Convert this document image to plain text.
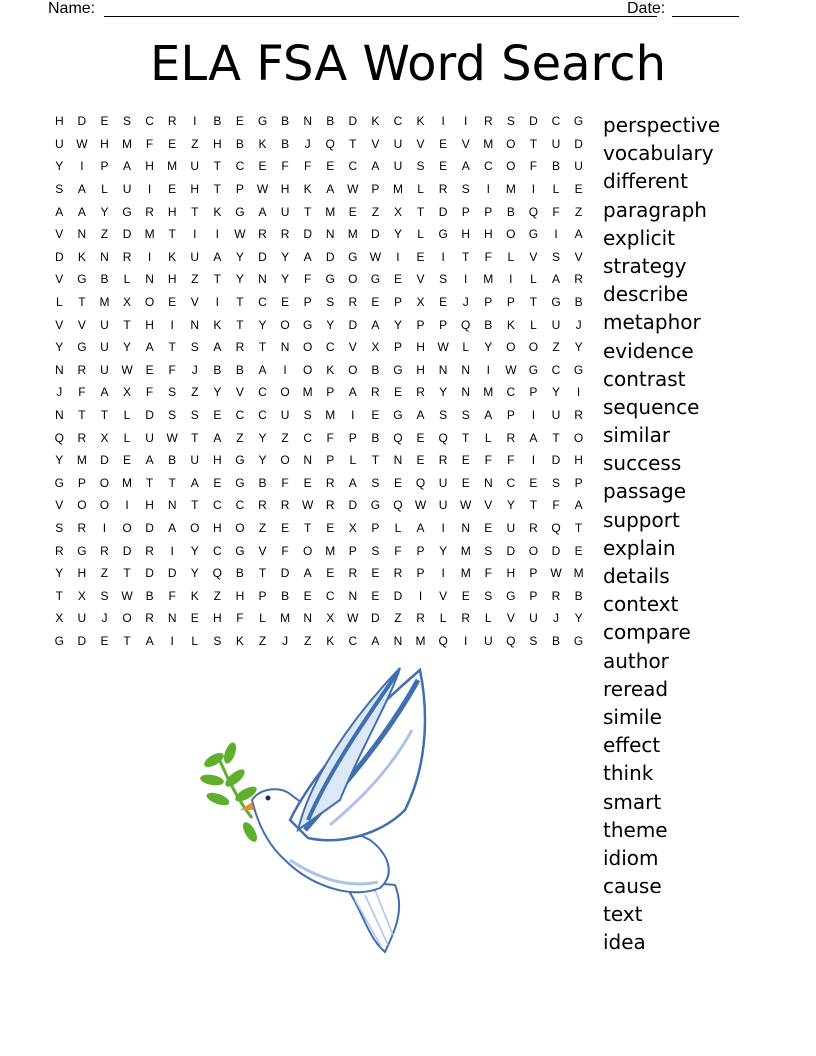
Name:	Date:
ELA FSA Word Search
H	D	E	S	C	R	I	B	E	G	B	N	B	D	K	C	K	I	I	R	S	D	C	G
U	W	H	M	F	E	Z	H	B	K	B	J	Q	T	V	U	V	E	V	M	O	T	U	D
Y	I	P	A	H	M	U	T	C	E	F	F	E	C	A	U	S	E	A	C	O	F	B	U
S	A	L	U	I	E	H	T	P	W	H	K	A	W	P	M	L	R	S	I	M	I	L	E
A	A	Y	G	R	H	T	K	G	A	U	T	M	E	Z	X	T	D	P	P	B	Q	F	Z
V	N	Z	D	M	T	I	I	W	R	R	D	N	M	D	Y	L	G	H	H	O	G	I	A
D	K	N	R	I	K	U	A	Y	D	Y	A	D	G	W	I	E	I	T	F	L	V	S	V
V	G	B	L	N	H	Z	T	Y	N	Y	F	G	O	G	E	V	S	I	M	I	L	A	R
L	T	M	X	O	E	V	I	T	C	E	P	S	R	E	P	X	E	J	P	P	T	G	B
V	V	U	T	H	I	N	K	T	Y	O	G	Y	D	A	Y	P	P	Q	B	K	L	U	J
Y	G	U	Y	A	T	S	A	R	T	N	O	C	V	X	P	H	W	L	Y	O	O	Z	Y
N	R	U	W	E	F	J	B	B	A	I	O	K	O	B	G	H	N	N	I	W	G	C	G
J	F	A	X	F	S	Z	Y	V	C	O	M	P	A	R	E	R	Y	N	M	C	P	Y	I
N	T	T	L	D	S	S	E	C	C	U	S	M	I	E	G	A	S	S	A	P	I	U	R
Q	R	X	L	U	W	T	A	Z	Y	Z	C	F	P	B	Q	E	Q	T	L	R	A	T	O
Y	M	D	E	A	B	U	H	G	Y	O	N	P	L	T	N	E	R	E	F	F	I	D	H
G	P	O	M	T	T	A	E	G	B	F	E	R	A	S	E	Q	U	E	N	C	E	S	P
V	O	O	I	H	N	T	C	C	R	R	W	R	D	G	Q	W	U	W	V	Y	T	F	A
S	R	I	O	D	A	O	H	O	Z	E	T	E	X	P	L	A	I	N	E	U	R	Q	T
R	G	R	D	R	I	Y	C	G	V	F	O	M	P	S	F	P	Y	M	S	D	O	D	E
Y	H	Z	T	D	D	Y	Q	B	T	D	A	E	R	E	R	P	I	M	F	H	P	W M
T	X	S	W	B	F	K	Z	H	P	B	E	C	N	E	D	I	V	E	S	G	P	R	B
X	U	J	O	R	N	E	H	F	L	M	N	X	W	D	Z	R	L	R	L	V	U	J	Y
G	D	E	T	A	I	L	S	K	Z	J	Z	K	C	A	N	M	Q	I	U	Q	S	B	G
perspective
vocabulary
different
paragraph
explicit
strategy
describe
metaphor
evidence
contrast
sequence
similar
success
passage
support
explain
details
context
compare
author
reread
simile
effect
think
smart
theme
idiom
cause
text
idea
